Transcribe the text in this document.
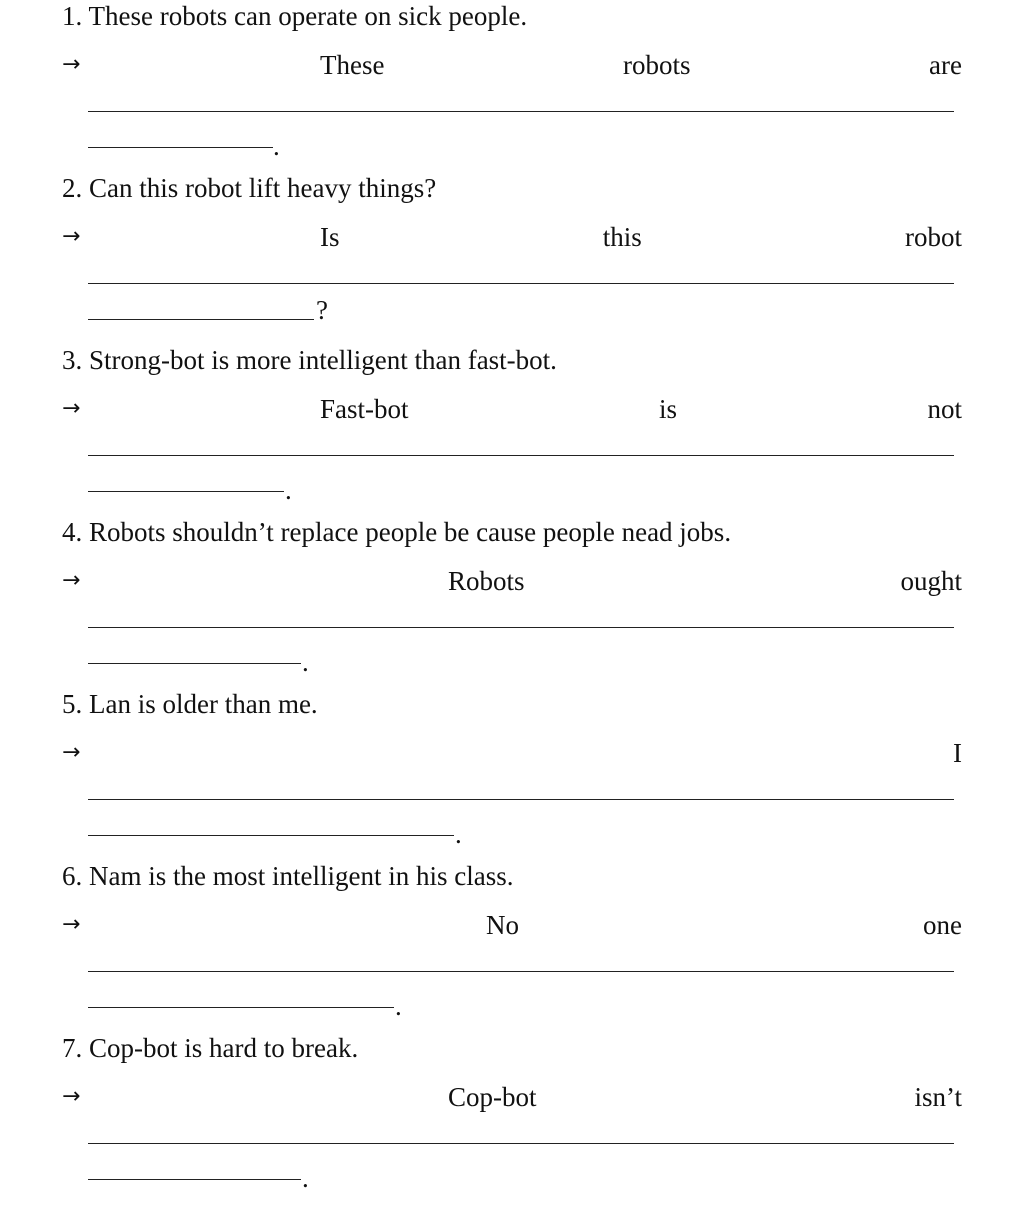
1. These robots can operate on sick people.
→	These	robots	are
.
2. Can this robot lift heavy things?
→	Is	this	robot
?
3. Strong-bot is more intelligent than fast-bot.
→	Fast-bot	is	not
.
4. Robots shouldn’t replace people be cause people nead jobs.
→	Robots	ought
.
5. Lan is older than me.
→	I
.
6. Nam is the most intelligent in his class.
→	No	one
.
7. Cop-bot is hard to break.
→	Cop-bot	isn’t
.
